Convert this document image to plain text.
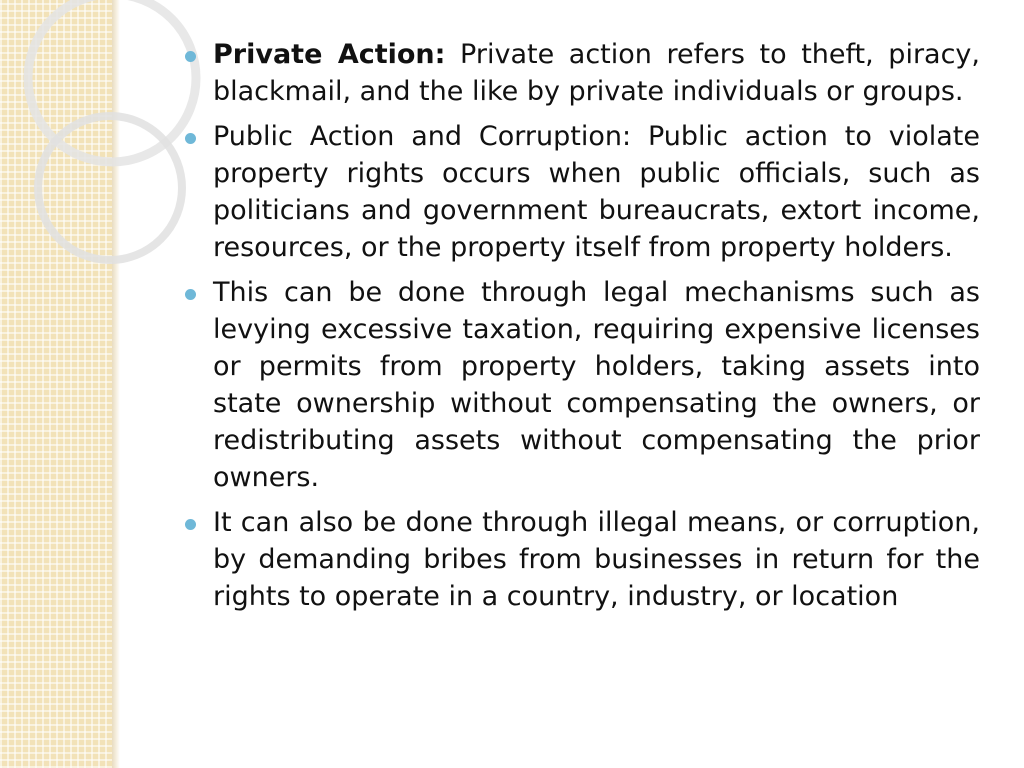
Private Action: Private action refers to theft, piracy, blackmail, and the like by private individuals or groups.
Public Action and Corruption: Public action to violate property rights occurs when public officials, such as politicians and government bureaucrats, extort income, resources, or the property itself from property holders.
This can be done through legal mechanisms such as levying excessive taxation, requiring expensive licenses or permits from property holders, taking assets into state ownership without compensating the owners, or redistributing assets without compensating the prior owners.
It can also be done through illegal means, or corruption, by demanding bribes from businesses in return for the rights to operate in a country, industry, or location
